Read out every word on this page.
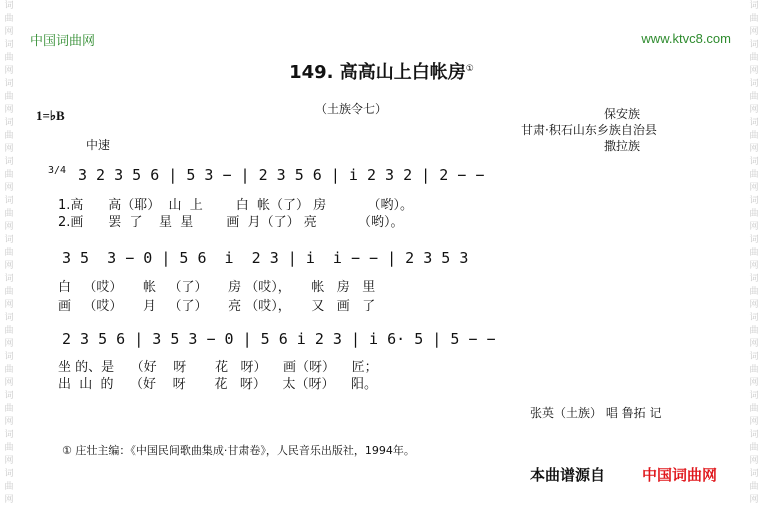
词曲网词曲网词曲网词曲网词曲网词曲网词曲网词曲网词曲网词曲网词曲网词曲网词曲网
词曲网词曲网词曲网词曲网词曲网词曲网词曲网词曲网词曲网词曲网词曲网词曲网词曲网
中国词曲网	www.ktvc8.com
149. 高高山上白帐房①
（土族令七）
1=♭B
中速
保安族
甘肃·积石山东乡族自治县
撒拉族
3/4 3 2 3 5 6 | 5 3 − | 2 3 5 6 | i 2 3 2 | 2 − −
1.高      高（耶）  山  上        白  帐（了） 房          （哟）。
2.画      罢  了    星  星        画  月（了） 亮          （哟）。
3 5  3 − 0 | 5 6  i  2 3 | i  i − − | 2 3 5 3
白   （哎）     帐   （了）     房 （哎），     帐   房   里
画   （哎）     月   （了）     亮 （哎），     又   画   了
2 3 5 6 | 3 5 3 − 0 | 5 6 i 2 3 | i 6· 5 | 5 − −
坐 的、是    （好    呀       花   呀）    画（呀）    匠；
出  山  的    （好    呀       花   呀）    太（呀）    阳。
张英（土族） 唱 鲁拓 记
① 庄壮主编：《中国民间歌曲集成·甘肃卷》，人民音乐出版社，1994年。
本曲谱源自 中国词曲网
